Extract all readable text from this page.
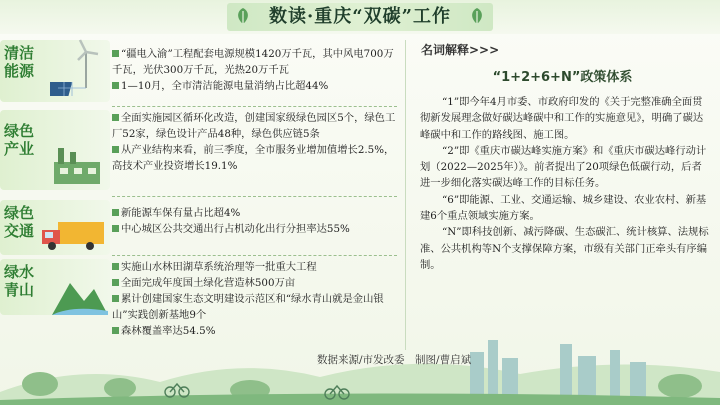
数读·重庆“双碳”工作
清洁
能源

“疆电入渝”工程配套电源规模1420万千瓦，其中风电700万千瓦，光伏300万千瓦，光热20万千瓦

1—10月，全市清洁能源电量消纳占比超44%

绿色
产业

全面实施园区循环化改造，创建国家级绿色园区5个，绿色工厂52家，绿色设计产品48种，绿色供应链5条

从产业结构来看，前三季度，全市服务业增加值增长2.5%，高技术产业投资增长19.1%

绿色
交通

新能源车保有量占比超4%

中心城区公共交通出行占机动化出行分担率达55%

绿水
青山

实施山水林田湖草系统治理等一批重大工程

全面完成年度国土绿化营造林500万亩

累计创建国家生态文明建设示范区和“绿水青山就是金山银山”实践创新基地9个

森林覆盖率达54.5%

名词解释>>>
“1+2+6+N”政策体系

“1”即今年4月市委、市政府印发的《关于完整准确全面贯彻新发展理念做好碳达峰碳中和工作的实施意见》，明确了碳达峰碳中和工作的路线图、施工图。

“2”即《重庆市碳达峰实施方案》和《重庆市碳达峰行动计划（2022—2025年）》。前者提出了20项绿色低碳行动，后者进一步细化落实碳达峰工作的目标任务。

“6”即能源、工业、交通运输、城乡建设、农业农村、新基建6个重点领域实施方案。

“N”即科技创新、减污降碳、生态碳汇、统计核算、法规标准、公共机构等N个支撑保障方案，市级有关部门正牵头有序编制。

数据来源/市发改委　制图/曹启斌
